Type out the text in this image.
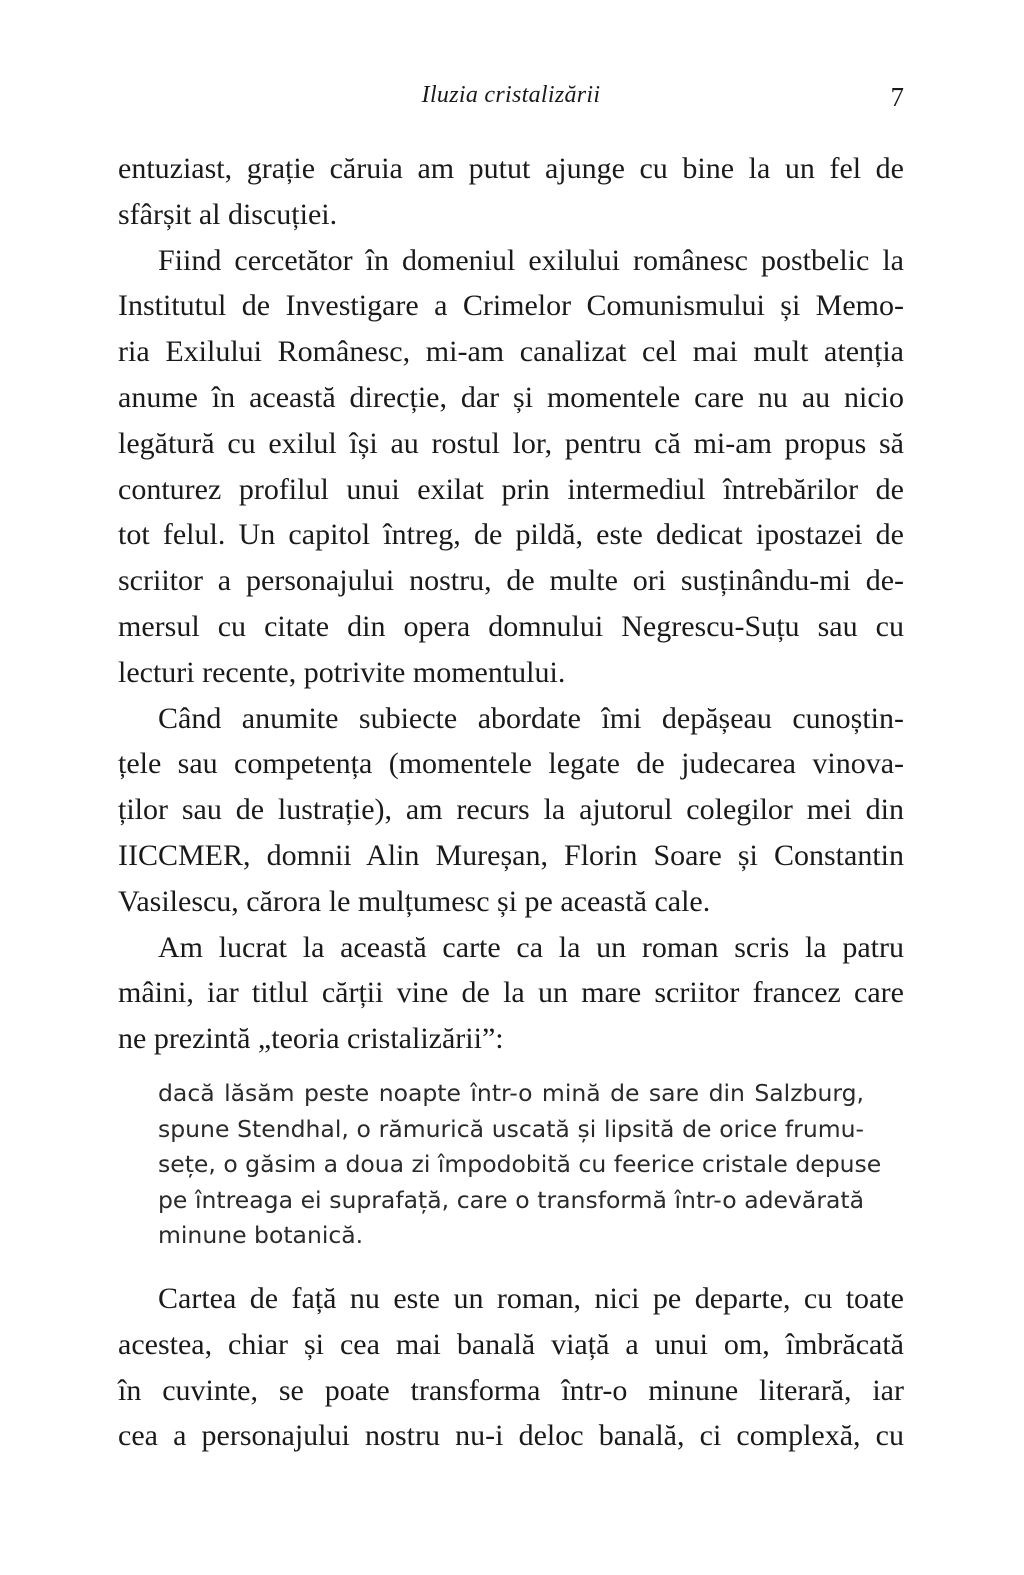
Iluzia cristalizării	7

entuziast, grație căruia am putut ajunge cu bine la un fel de
sfârșit al discuției.

Fiind cercetător în domeniul exilului românesc postbelic la
Institutul de Investigare a Crimelor Comunismului și Memo-
ria Exilului Românesc, mi-am canalizat cel mai mult atenția
anume în această direcție, dar și momentele care nu au nicio
legătură cu exilul își au rostul lor, pentru că mi-am propus să
conturez profilul unui exilat prin intermediul întrebărilor de
tot felul. Un capitol întreg, de pildă, este dedicat ipostazei de
scriitor a personajului nostru, de multe ori susținându-mi de-
mersul cu citate din opera domnului Negrescu-Suțu sau cu
lecturi recente, potrivite momentului.

Când anumite subiecte abordate îmi depășeau cunoștin-
țele sau competența (momentele legate de judecarea vinova-
ților sau de lustrație), am recurs la ajutorul colegilor mei din
IICCMER, domnii Alin Mureșan, Florin Soare și Constantin
Vasilescu, cărora le mulțumesc și pe această cale.

Am lucrat la această carte ca la un roman scris la patru
mâini, iar titlul cărții vine de la un mare scriitor francez care
ne prezintă „teoria cristalizării”:

dacă lăsăm peste noapte într-o mină de sare din Salzburg,
spune Stendhal, o rămurică uscată și lipsită de orice frumu-
sețe, o găsim a doua zi împodobită cu feerice cristale depuse
pe întreaga ei suprafață, care o transformă într-o adevărată
minune botanică.

Cartea de față nu este un roman, nici pe departe, cu toate
acestea, chiar și cea mai banală viață a unui om, îmbrăcată
în cuvinte, se poate transforma într-o minune literară, iar
cea a personajului nostru nu-i deloc banală, ci complexă, cu
